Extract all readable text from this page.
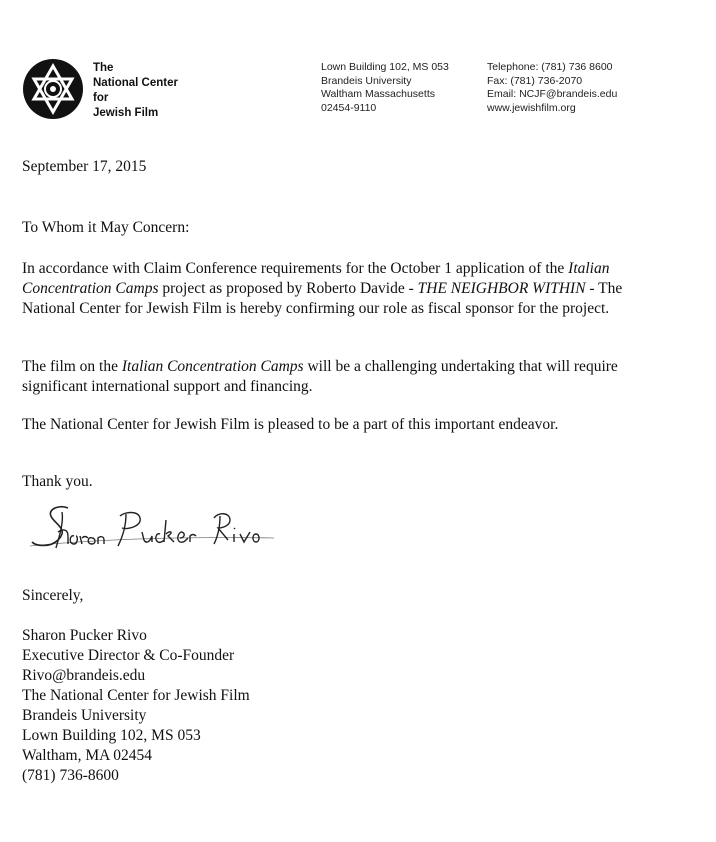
The
National Center
for
Jewish Film
Lown Building 102, MS 053
Brandeis University
Waltham Massachusetts
02454-9110
Telephone: (781) 736 8600
Fax: (781) 736-2070
Email: NCJF@brandeis.edu
www.jewishfilm.org
September 17, 2015
To Whom it May Concern:
In accordance with Claim Conference requirements for the October 1 application of the Italian Concentration Camps project as proposed by Roberto Davide - THE NEIGHBOR WITHIN - The National Center for Jewish Film is hereby confirming our role as fiscal sponsor for the project.
The film on the Italian Concentration Camps will be a challenging undertaking that will require significant international support and financing.
The National Center for Jewish Film is pleased to be a part of this important endeavor.
Thank you.
Sincerely,
Sharon Pucker Rivo
Executive Director & Co-Founder
Rivo@brandeis.edu
The National Center for Jewish Film
Brandeis University
Lown Building 102, MS 053
Waltham, MA 02454
(781) 736-8600
